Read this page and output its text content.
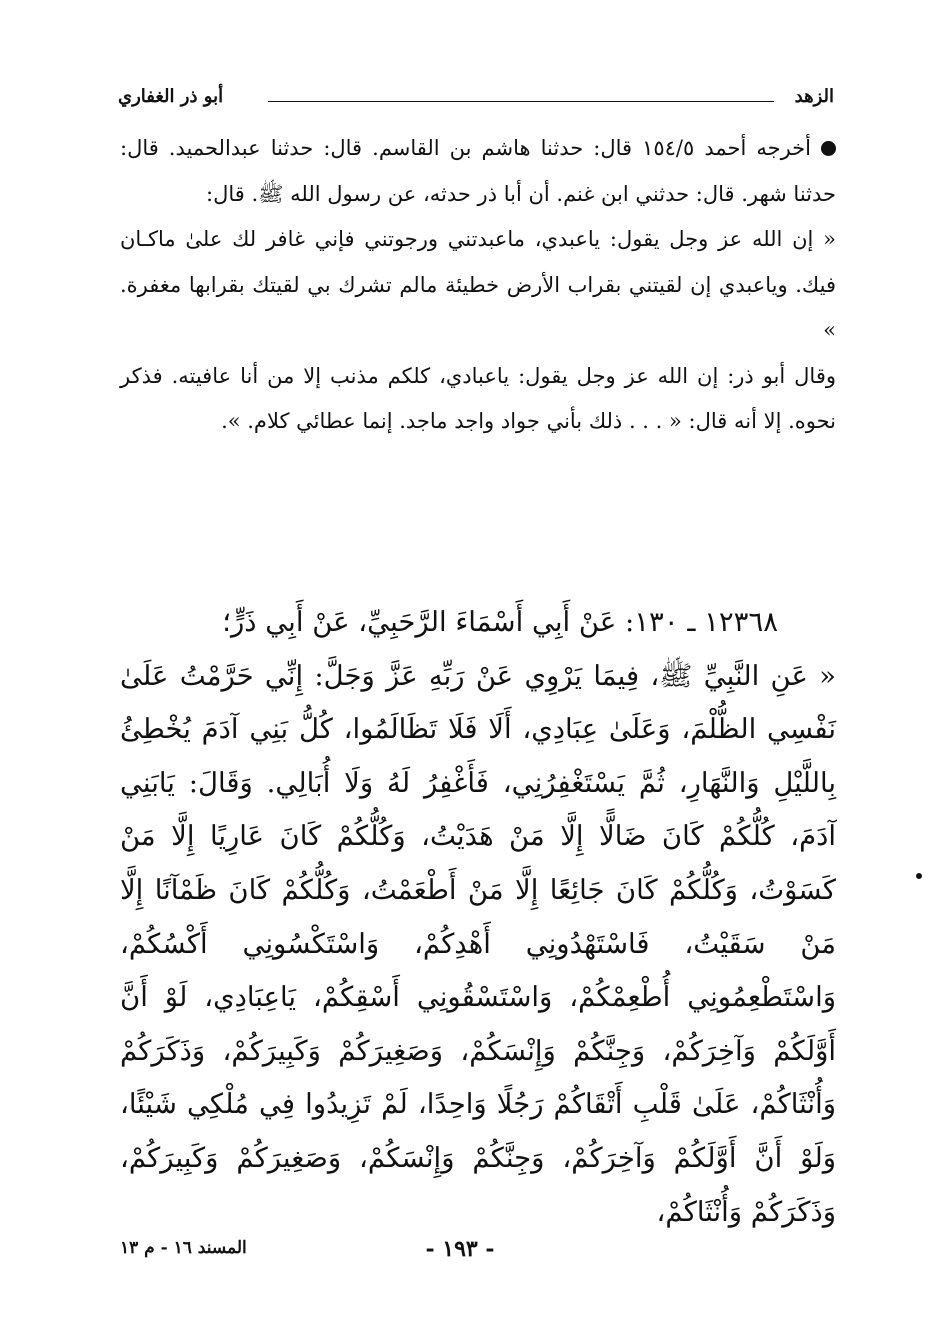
الزهد
أبو ذر الغفاري

أخرجه أحمد ١٥٤/٥ قال: حدثنا هاشم بن القاسم. قال: حدثنا عبدالحميد. قال: حدثنا شهر. قال: حدثني ابن غنم. أن أبا ذر حدثه، عن رسول الله ﷺ. قال:

« إن الله عز وجل يقول: ياعبدي، ماعبدتني ورجوتني فإني غافر لك علىٰ ماكـان فيك. وياعبدي إن لقيتني بقراب الأرض خطيئة مالم تشرك بي لقيتك بقرابها مغفرة. »

وقال أبو ذر: إن الله عز وجل يقول: ياعبادي، كلكم مذنب إلا من أنا عافيته. فذكر نحوه. إلا أنه قال: « . . . ذلك بأني جواد واجد ماجد. إنما عطائي كلام. ».

١٢٣٦٨ ـ ١٣٠: عَنْ أَبِي أَسْمَاءَ الرَّحَبِيِّ، عَنْ أَبِي ذَرٍّ؛

« عَنِ النَّبِيِّ ﷺ، فِيمَا يَرْوِي عَنْ رَبِّهِ عَزَّ وَجَلَّ: إِنِّي حَرَّمْتُ عَلَىٰ نَفْسِي الظُّلْمَ، وَعَلَىٰ عِبَادِي، أَلَا فَلَا تَظَالَمُوا، كُلُّ بَنِي آدَمَ يُخْطِئُ بِاللَّيْلِ وَالنَّهَارِ، ثُمَّ يَسْتَغْفِرُنِي، فَأَغْفِرُ لَهُ وَلَا أُبَالِي. وَقَالَ: يَابَنِي آدَمَ، كُلُّكُمْ كَانَ ضَالًّا إِلَّا مَنْ هَدَيْتُ، وَكُلُّكُمْ كَانَ عَارِيًا إِلَّا مَنْ كَسَوْتُ، وَكُلُّكُمْ كَانَ جَائِعًا إِلَّا مَنْ أَطْعَمْتُ، وَكُلُّكُمْ كَانَ ظَمْآنًا إِلَّا مَنْ سَقَيْتُ، فَاسْتَهْدُونِي أَهْدِكُمْ، وَاسْتَكْسُونِي أَكْسُكُمْ، وَاسْتَطْعِمُونِي أُطْعِمْكُمْ، وَاسْتَسْقُونِي أَسْقِكُمْ، يَاعِبَادِي، لَوْ أَنَّ أَوَّلَكُمْ وَآخِرَكُمْ، وَجِنَّكُمْ وَإِنْسَكُمْ، وَصَغِيرَكُمْ وَكَبِيرَكُمْ، وَذَكَرَكُمْ وَأُنْثَاكُمْ، عَلَىٰ قَلْبِ أَتْقَاكُمْ رَجُلًا وَاحِدًا، لَمْ تَزِيدُوا فِي مُلْكِي شَيْئًا، وَلَوْ أَنَّ أَوَّلَكُمْ وَآخِرَكُمْ، وَجِنَّكُمْ وَإِنْسَكُمْ، وَصَغِيرَكُمْ وَكَبِيرَكُمْ، وَذَكَرَكُمْ وَأُنْثَاكُمْ،

- ١٩٣ -
المسند ١٦ - م ١٣
